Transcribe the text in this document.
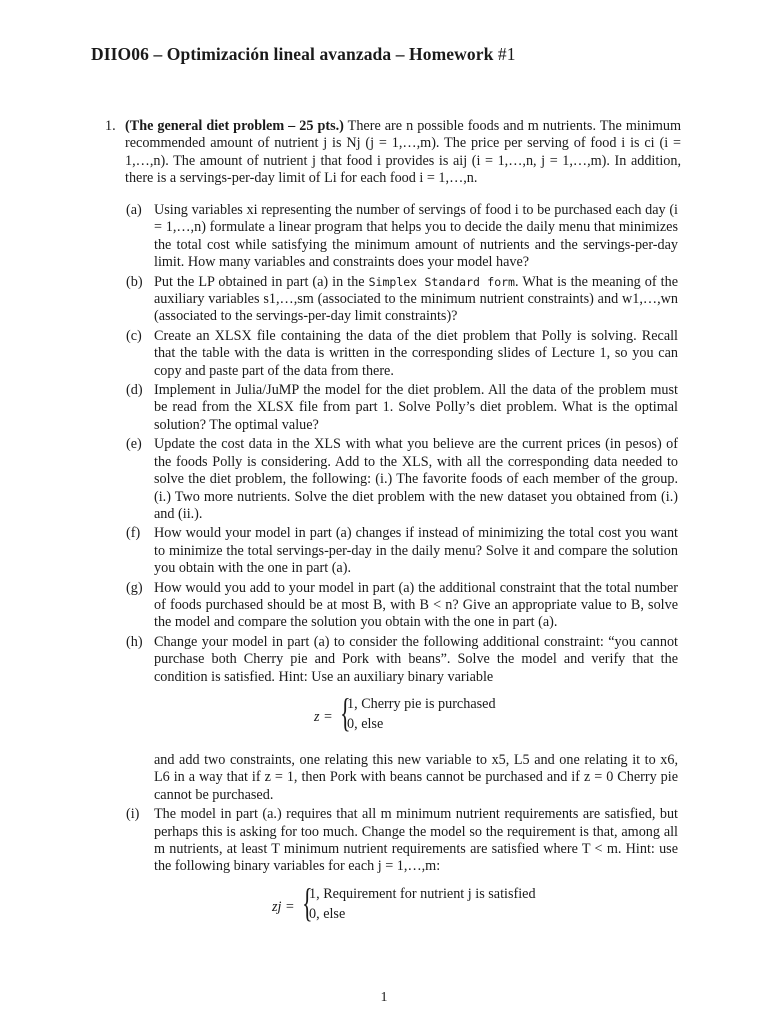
DIIO06 – Optimización lineal avanzada – Homework #1
1. (The general diet problem – 25 pts.) There are n possible foods and m nutrients. The minimum recommended amount of nutrient j is Nj (j = 1,…,m). The price per serving of food i is ci (i = 1,…,n). The amount of nutrient j that food i provides is aij (i = 1,…,n, j = 1,…,m). In addition, there is a servings-per-day limit of Li for each food i = 1,…,n.
(a) Using variables xi representing the number of servings of food i to be purchased each day (i = 1,…,n) formulate a linear program that helps you to decide the daily menu that minimizes the total cost while satisfying the minimum amount of nutrients and the servings-per-day limit. How many variables and constraints does your model have?
(b) Put the LP obtained in part (a) in the Simplex Standard form. What is the meaning of the auxiliary variables s1,…,sm (associated to the minimum nutrient constraints) and w1,…,wn (associated to the servings-per-day limit constraints)?
(c) Create an XLSX file containing the data of the diet problem that Polly is solving. Recall that the table with the data is written in the corresponding slides of Lecture 1, so you can copy and paste part of the data from there.
(d) Implement in Julia/JuMP the model for the diet problem. All the data of the problem must be read from the XLSX file from part 1. Solve Polly’s diet problem. What is the optimal solution? The optimal value?
(e) Update the cost data in the XLS with what you believe are the current prices (in pesos) of the foods Polly is considering. Add to the XLS, with all the corresponding data needed to solve the diet problem, the following: (i.) The favorite foods of each member of the group. (i.) Two more nutrients. Solve the diet problem with the new dataset you obtained from (i.) and (ii.).
(f) How would your model in part (a) changes if instead of minimizing the total cost you want to minimize the total servings-per-day in the daily menu? Solve it and compare the solution you obtain with the one in part (a).
(g) How would you add to your model in part (a) the additional constraint that the total number of foods purchased should be at most B, with B < n? Give an appropriate value to B, solve the model and compare the solution you obtain with the one in part (a).
(h) Change your model in part (a) to consider the following additional constraint: “you cannot purchase both Cherry pie and Pork with beans”. Solve the model and verify that the condition is satisfied. Hint: Use an auxiliary binary variable
z = {
1, Cherry pie is purchased
0, else
and add two constraints, one relating this new variable to x5, L5 and one relating it to x6, L6 in a way that if z = 1, then Pork with beans cannot be purchased and if z = 0 Cherry pie cannot be purchased.
(i)	The model in part (a.) requires that all m minimum nutrient requirements are satisfied, but perhaps this is asking for too much. Change the model so the requirement is that, among all m nutrients, at least T minimum nutrient requirements are satisfied where T < m. Hint: use the following binary variables for each j = 1,…,m:
zj = {
1, Requirement for nutrient j is satisfied
0, else
1
